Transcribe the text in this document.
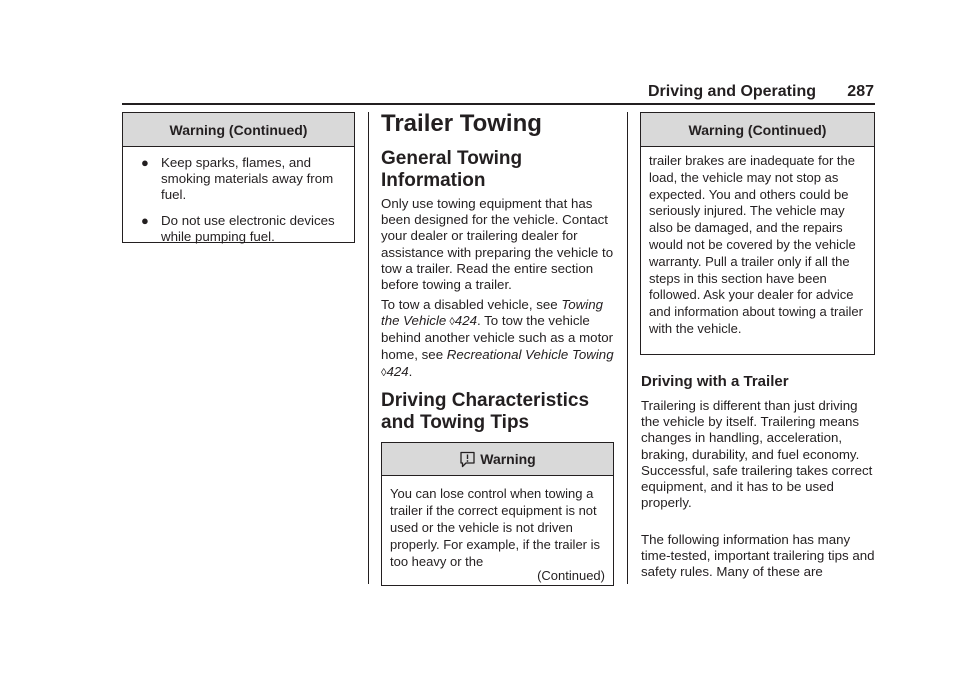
Driving and Operating	287
Warning (Continued)
● Keep sparks, flames, and smoking materials away from fuel.
● Do not use electronic devices while pumping fuel.
Trailer Towing
General Towing Information
Only use towing equipment that has been designed for the vehicle. Contact your dealer or trailering dealer for assistance with preparing the vehicle to tow a trailer. Read the entire section before towing a trailer.
To tow a disabled vehicle, see Towing the Vehicle ◊424. To tow the vehicle behind another vehicle such as a motor home, see Recreational Vehicle Towing ◊424.
Driving Characteristics and Towing Tips
Warning
You can lose control when towing a trailer if the correct equipment is not used or the vehicle is not driven properly. For example, if the trailer is too heavy or the
(Continued)
Warning (Continued)
trailer brakes are inadequate for the load, the vehicle may not stop as expected. You and others could be seriously injured. The vehicle may also be damaged, and the repairs would not be covered by the vehicle warranty. Pull a trailer only if all the steps in this section have been followed. Ask your dealer for advice and information about towing a trailer with the vehicle.
Driving with a Trailer
Trailering is different than just driving the vehicle by itself. Trailering means changes in handling, acceleration, braking, durability, and fuel economy. Successful, safe trailering takes correct equipment, and it has to be used properly.
The following information has many time-tested, important trailering tips and safety rules. Many of these are
